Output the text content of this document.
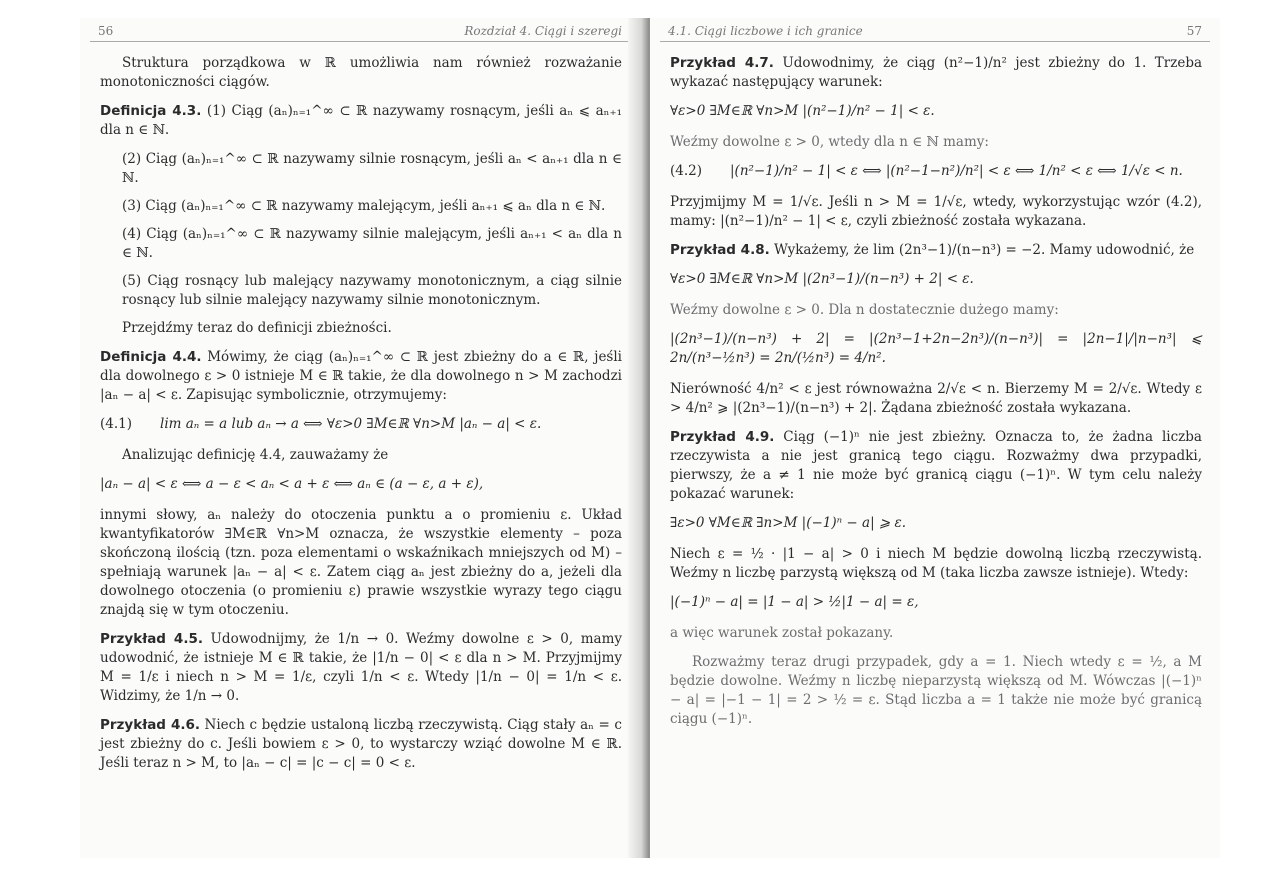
56	Rozdział 4. Ciągi i szeregi

Struktura porządkowa w ℝ umożliwia nam również rozważanie monotoniczności ciągów.

Definicja 4.3. (1) Ciąg (aₙ)ₙ₌₁^∞ ⊂ ℝ nazywamy rosnącym, jeśli aₙ ⩽ aₙ₊₁ dla n ∈ ℕ.

(2) Ciąg (aₙ)ₙ₌₁^∞ ⊂ ℝ nazywamy silnie rosnącym, jeśli aₙ < aₙ₊₁ dla n ∈ ℕ.

(3) Ciąg (aₙ)ₙ₌₁^∞ ⊂ ℝ nazywamy malejącym, jeśli aₙ₊₁ ⩽ aₙ dla n ∈ ℕ.

(4) Ciąg (aₙ)ₙ₌₁^∞ ⊂ ℝ nazywamy silnie malejącym, jeśli aₙ₊₁ < aₙ dla n ∈ ℕ.

(5) Ciąg rosnący lub malejący nazywamy monotonicznym, a ciąg silnie rosnący lub silnie malejący nazywamy silnie monotonicznym.

Przejdźmy teraz do definicji zbieżności.

Definicja 4.4. Mówimy, że ciąg (aₙ)ₙ₌₁^∞ ⊂ ℝ jest zbieżny do a ∈ ℝ, jeśli dla dowolnego ε > 0 istnieje M ∈ ℝ takie, że dla dowolnego n > M zachodzi |aₙ − a| < ε. Zapisując symbolicznie, otrzymujemy:

(4.1)	lim aₙ = a lub aₙ → a ⟺ ∀ε>0 ∃M∈ℝ ∀n>M |aₙ − a| < ε.

Analizując definicję 4.4, zauważamy że

|aₙ − a| < ε ⟺ a − ε < aₙ < a + ε ⟺ aₙ ∈ (a − ε, a + ε),

innymi słowy, aₙ należy do otoczenia punktu a o promieniu ε. Układ kwantyfikatorów ∃M∈ℝ ∀n>M oznacza, że wszystkie elementy – poza skończoną ilością (tzn. poza elementami o wskaźnikach mniejszych od M) – spełniają warunek |aₙ − a| < ε. Zatem ciąg aₙ jest zbieżny do a, jeżeli dla dowolnego otoczenia (o promieniu ε) prawie wszystkie wyrazy tego ciągu znajdą się w tym otoczeniu.

Przykład 4.5. Udowodnijmy, że 1/n → 0. Weźmy dowolne ε > 0, mamy udowodnić, że istnieje M ∈ ℝ takie, że |1/n − 0| < ε dla n > M. Przyjmijmy M = 1/ε i niech n > M = 1/ε, czyli 1/n < ε. Wtedy |1/n − 0| = 1/n < ε. Widzimy, że 1/n → 0.

Przykład 4.6. Niech c będzie ustaloną liczbą rzeczywistą. Ciąg stały aₙ = c jest zbieżny do c. Jeśli bowiem ε > 0, to wystarczy wziąć dowolne M ∈ ℝ. Jeśli teraz n > M, to |aₙ − c| = |c − c| = 0 < ε.

4.1. Ciągi liczbowe i ich granice	57

Przykład 4.7. Udowodnimy, że ciąg (n²−1)/n² jest zbieżny do 1. Trzeba wykazać następujący warunek:

∀ε>0 ∃M∈ℝ ∀n>M |(n²−1)/n² − 1| < ε.

Weźmy dowolne ε > 0, wtedy dla n ∈ ℕ mamy:

(4.2)	|(n²−1)/n² − 1| < ε ⟺ |(n²−1−n²)/n²| < ε ⟺ 1/n² < ε ⟺ 1/√ε < n.

Przyjmijmy M = 1/√ε. Jeśli n > M = 1/√ε, wtedy, wykorzystując wzór (4.2), mamy: |(n²−1)/n² − 1| < ε, czyli zbieżność została wykazana.

Przykład 4.8. Wykażemy, że lim (2n³−1)/(n−n³) = −2. Mamy udowodnić, że

∀ε>0 ∃M∈ℝ ∀n>M |(2n³−1)/(n−n³) + 2| < ε.

Weźmy dowolne ε > 0. Dla n dostatecznie dużego mamy:

|(2n³−1)/(n−n³) + 2| = |(2n³−1+2n−2n³)/(n−n³)| = |2n−1|/|n−n³| ⩽ 2n/(n³−½n³) = 2n/(½n³) = 4/n².

Nierówność 4/n² < ε jest równoważna 2/√ε < n. Bierzemy M = 2/√ε. Wtedy ε > 4/n² ⩾ |(2n³−1)/(n−n³) + 2|. Żądana zbieżność została wykazana.

Przykład 4.9. Ciąg (−1)ⁿ nie jest zbieżny. Oznacza to, że żadna liczba rzeczywista a nie jest granicą tego ciągu. Rozważmy dwa przypadki, pierwszy, że a ≠ 1 nie może być granicą ciągu (−1)ⁿ. W tym celu należy pokazać warunek:

∃ε>0 ∀M∈ℝ ∃n>M |(−1)ⁿ − a| ⩾ ε.

Niech ε = ½ · |1 − a| > 0 i niech M będzie dowolną liczbą rzeczywistą. Weźmy n liczbę parzystą większą od M (taka liczba zawsze istnieje). Wtedy:

|(−1)ⁿ − a| = |1 − a| > ½|1 − a| = ε,

a więc warunek został pokazany.

Rozważmy teraz drugi przypadek, gdy a = 1. Niech wtedy ε = ½, a M będzie dowolne. Weźmy n liczbę nieparzystą większą od M. Wówczas |(−1)ⁿ − a| = |−1 − 1| = 2 > ½ = ε. Stąd liczba a = 1 także nie może być granicą ciągu (−1)ⁿ.
